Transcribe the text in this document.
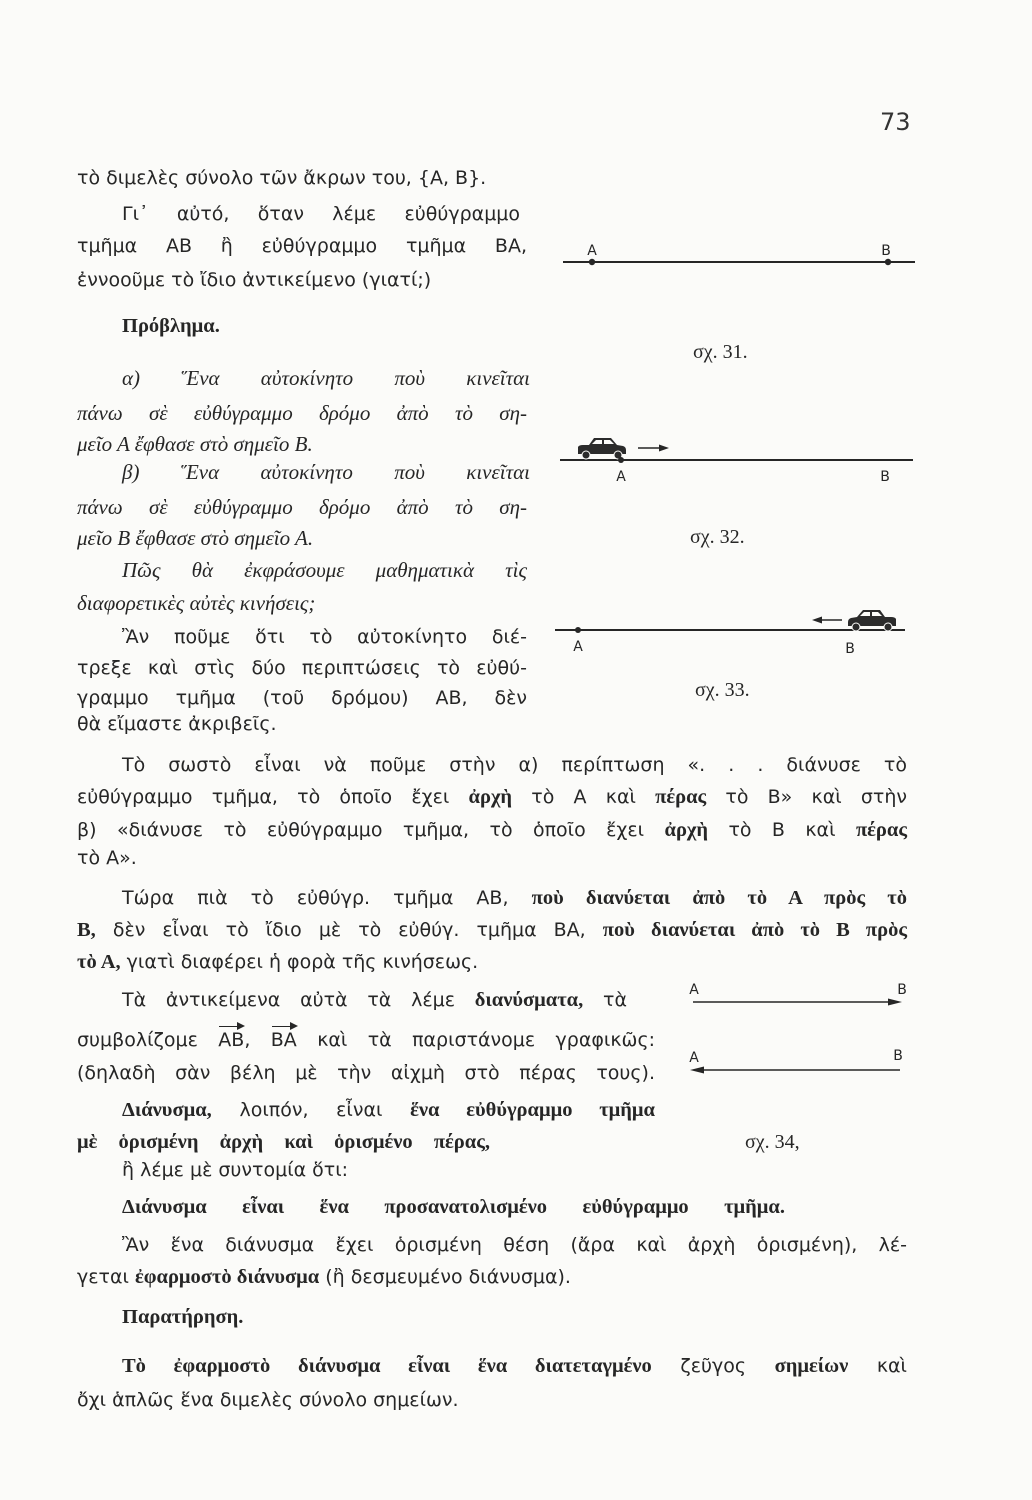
73
τὸ διμελὲς σύνολο τῶν ἄκρων του, {Α, Β}.
Γι᾽ αὐτό, ὅταν λέμε εὐθύγραμμο
τμῆμα ΑΒ ἢ εὐθύγραμμο τμῆμα ΒΑ,
ἐννοοῦμε τὸ ἴδιο ἀντικείμενο (γιατί;)
Πρόβλημα.
α) Ἕνα αὐτοκίνητο ποὺ κινεῖται
πάνω σὲ εὐθύγραμμο δρόμο ἀπὸ τὸ ση-
μεῖο Α ἔφθασε στὸ σημεῖο Β.
β) Ἕνα αὐτοκίνητο ποὺ κινεῖται
πάνω σὲ εὐθύγραμμο δρόμο ἀπὸ τὸ ση-
μεῖο Β ἔφθασε στὸ σημεῖο Α.
Πῶς θὰ ἐκφράσουμε μαθηματικὰ τὶς
διαφορετικὲς αὐτὲς κινήσεις;
Ἂν ποῦμε ὅτι τὸ αὐτοκίνητο διέ-
τρεξε καὶ στὶς δύο περιπτώσεις τὸ εὐθύ-
γραμμο τμῆμα (τοῦ δρόμου) ΑΒ, δὲν
θὰ εἴμαστε ἀκριβεῖς.
Τὸ σωστὸ εἶναι νὰ ποῦμε στὴν α) περίπτωση «. . . διάνυσε τὸ
εὐθύγραμμο τμῆμα, τὸ ὁποῖο ἔχει ἀρχὴ τὸ Α καὶ πέρας τὸ Β» καὶ στὴν
β) «διάνυσε τὸ εὐθύγραμμο τμῆμα, τὸ ὁποῖο ἔχει ἀρχὴ τὸ Β καὶ πέρας
τὸ Α».
Τώρα πιὰ τὸ εὐθύγρ. τμῆμα ΑΒ, ποὺ διανύεται ἀπὸ τὸ Α πρὸς τὸ
Β, δὲν εἶναι τὸ ἴδιο μὲ τὸ εὐθύγ. τμῆμα ΒΑ, ποὺ διανύεται ἀπὸ τὸ Β πρὸς
τὸ Α, γιατὶ διαφέρει ἡ φορὰ τῆς κινήσεως.
Τὰ ἀντικείμενα αὐτὰ τὰ λέμε διανύσματα, τὰ
συμβολίζομε ΑΒ, ΒΑ καὶ τὰ παριστάνομε γραφικῶς:
(δηλαδὴ σὰν βέλη μὲ τὴν αἰχμὴ στὸ πέρας τους).
Διάνυσμα, λοιπόν, εἶναι ἕνα εὐθύγραμμο τμῆμα
μὲ ὁρισμένη ἀρχὴ καὶ ὁρισμένο πέρας,
ἢ λέμε μὲ συντομία ὅτι:
Διάνυσμα εἶναι ἕνα προσανατολισμένο εὐθύγραμμο τμῆμα.
Ἂν ἕνα διάνυσμα ἔχει ὁρισμένη θέση (ἄρα καὶ ἀρχὴ ὁρισμένη), λέ-
γεται ἐφαρμοστὸ διάνυσμα (ἢ δεσμευμένο διάνυσμα).
Παρατήρηση.
Τὸ ἐφαρμοστὸ διάνυσμα εἶναι ἕνα διατεταγμένο ζεῦγος σημείων καὶ
ὄχι ἁπλῶς ἕνα διμελὲς σύνολο σημείων.
Α	Β
σχ. 31.
Α	Β
σχ. 32.
Α	Β
σχ. 33.
Α	Β
Α	Β
σχ. 34,
